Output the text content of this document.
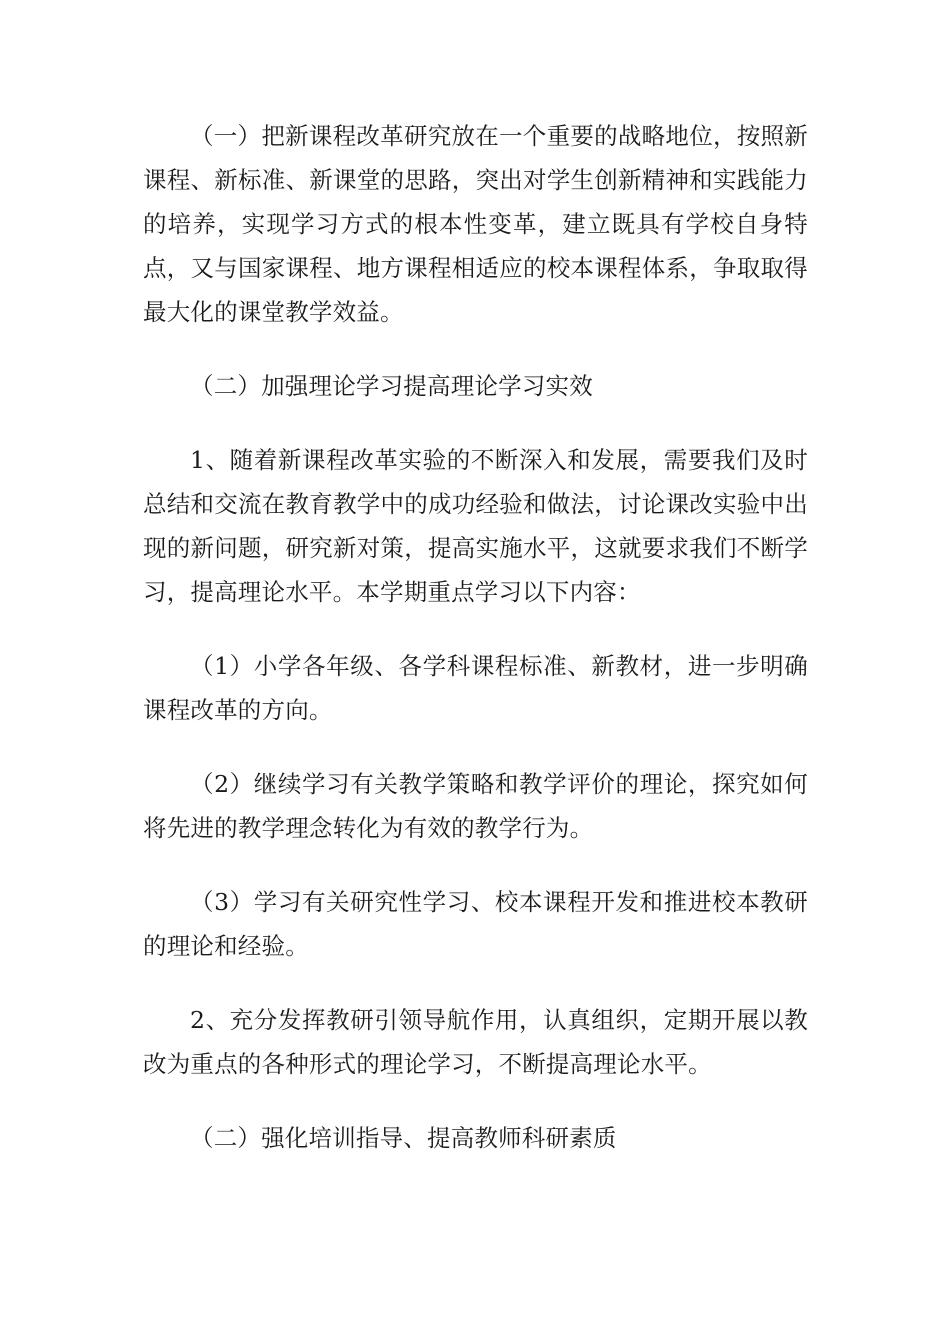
（一）把新课程改革研究放在一个重要的战略地位，按照新课程、新标准、新课堂的思路，突出对学生创新精神和实践能力的培养，实现学习方式的根本性变革，建立既具有学校自身特点，又与国家课程、地方课程相适应的校本课程体系，争取取得最大化的课堂教学效益。

（二）加强理论学习提高理论学习实效

1、随着新课程改革实验的不断深入和发展，需要我们及时总结和交流在教育教学中的成功经验和做法，讨论课改实验中出现的新问题，研究新对策，提高实施水平，这就要求我们不断学习，提高理论水平。本学期重点学习以下内容：

（1）小学各年级、各学科课程标准、新教材，进一步明确课程改革的方向。

（2）继续学习有关教学策略和教学评价的理论，探究如何将先进的教学理念转化为有效的教学行为。

（3）学习有关研究性学习、校本课程开发和推进校本教研的理论和经验。

2、充分发挥教研引领导航作用，认真组织，定期开展以教改为重点的各种形式的理论学习，不断提高理论水平。

（二）强化培训指导、提高教师科研素质
